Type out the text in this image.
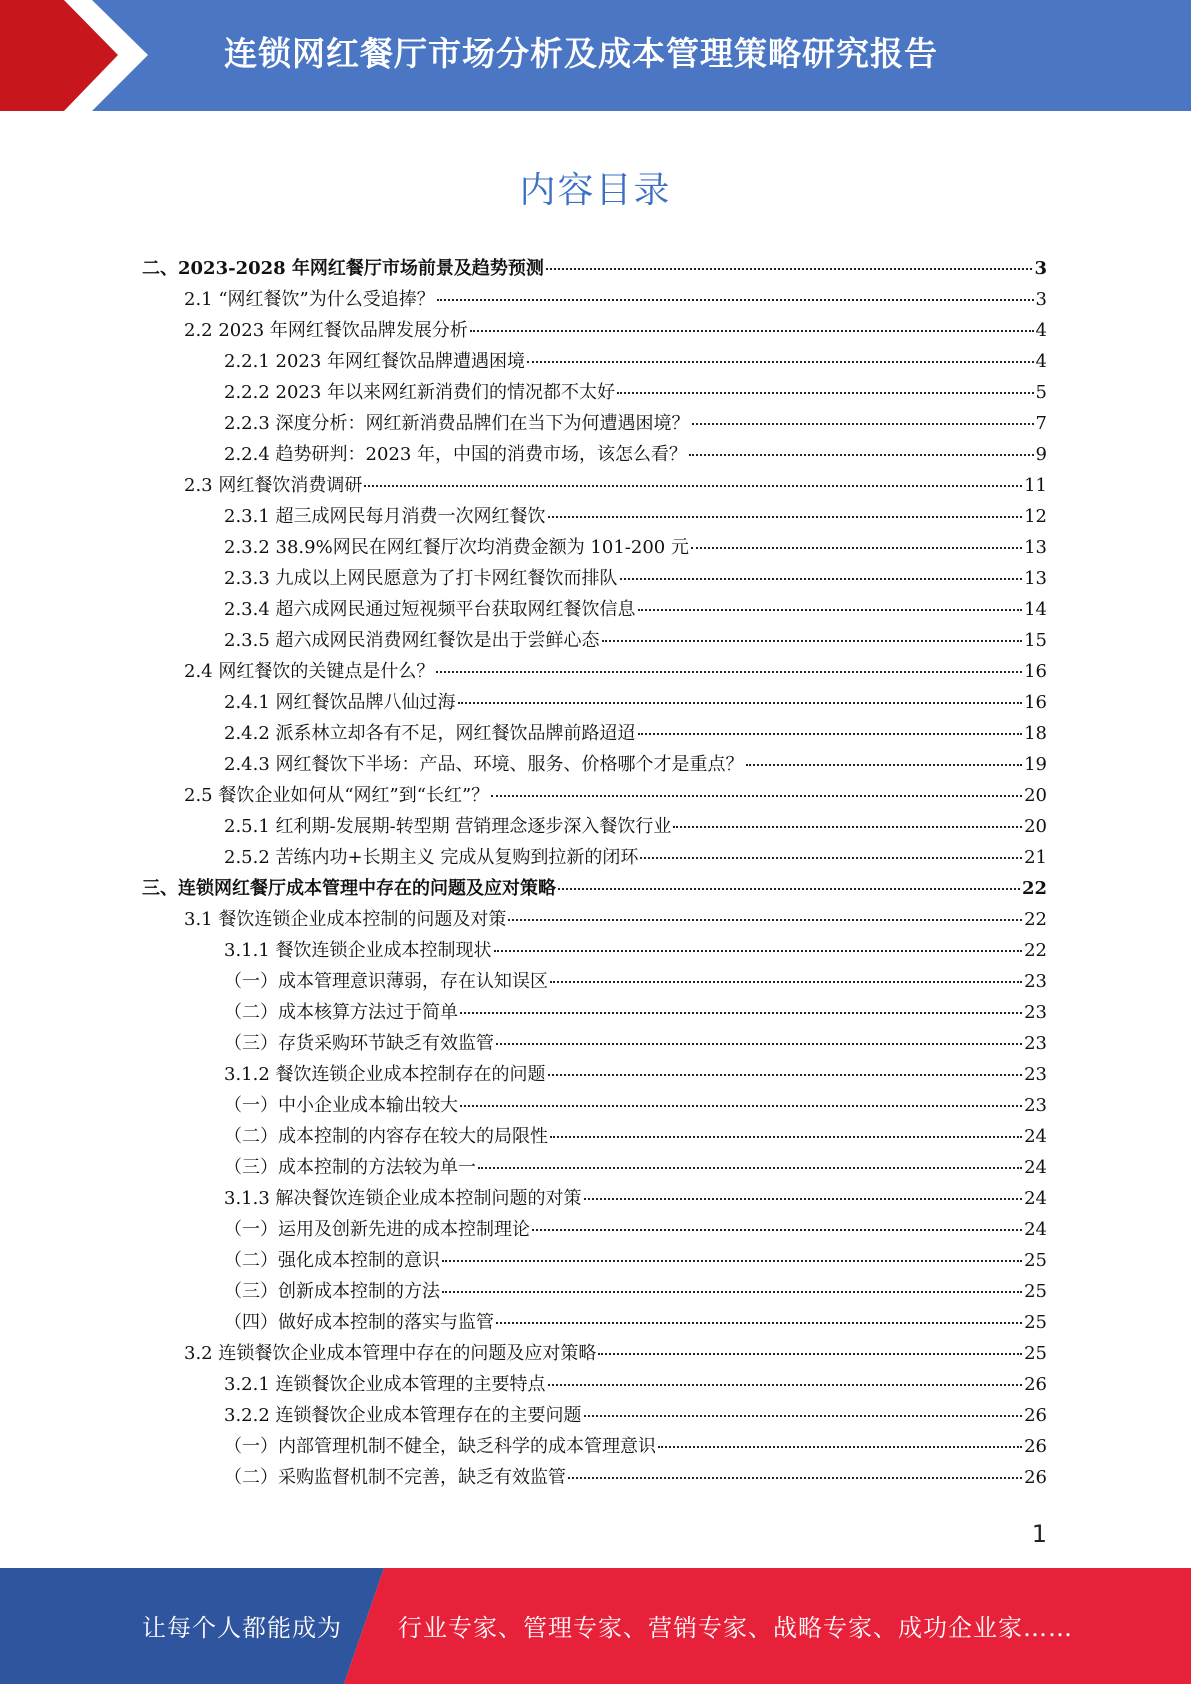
连锁网红餐厅市场分析及成本管理策略研究报告
内容目录
二、2023-2028 年网红餐厅市场前景及趋势预测	3
2.1 “网红餐饮”为什么受追捧？	3
2.2 2023 年网红餐饮品牌发展分析	4
2.2.1 2023 年网红餐饮品牌遭遇困境	4
2.2.2 2023 年以来网红新消费们的情况都不太好	5
2.2.3 深度分析：网红新消费品牌们在当下为何遭遇困境？	7
2.2.4 趋势研判：2023 年，中国的消费市场，该怎么看？	9
2.3 网红餐饮消费调研	11
2.3.1 超三成网民每月消费一次网红餐饮	12
2.3.2 38.9%网民在网红餐厅次均消费金额为 101-200 元	13
2.3.3 九成以上网民愿意为了打卡网红餐饮而排队	13
2.3.4 超六成网民通过短视频平台获取网红餐饮信息	14
2.3.5 超六成网民消费网红餐饮是出于尝鲜心态	15
2.4 网红餐饮的关键点是什么？	16
2.4.1 网红餐饮品牌八仙过海	16
2.4.2 派系林立却各有不足，网红餐饮品牌前路迢迢	18
2.4.3 网红餐饮下半场：产品、环境、服务、价格哪个才是重点？	19
2.5 餐饮企业如何从“网红”到“长红”？	20
2.5.1 红利期-发展期-转型期 营销理念逐步深入餐饮行业	20
2.5.2 苦练内功+长期主义 完成从复购到拉新的闭环	21
三、连锁网红餐厅成本管理中存在的问题及应对策略	22
3.1 餐饮连锁企业成本控制的问题及对策	22
3.1.1 餐饮连锁企业成本控制现状	22
（一）成本管理意识薄弱，存在认知误区	23
（二）成本核算方法过于简单	23
（三）存货采购环节缺乏有效监管	23
3.1.2 餐饮连锁企业成本控制存在的问题	23
（一）中小企业成本输出较大	23
（二）成本控制的内容存在较大的局限性	24
（三）成本控制的方法较为单一	24
3.1.3 解决餐饮连锁企业成本控制问题的对策	24
（一）运用及创新先进的成本控制理论	24
（二）强化成本控制的意识	25
（三）创新成本控制的方法	25
（四）做好成本控制的落实与监管	25
3.2 连锁餐饮企业成本管理中存在的问题及应对策略	25
3.2.1 连锁餐饮企业成本管理的主要特点	26
3.2.2 连锁餐饮企业成本管理存在的主要问题	26
（一）内部管理机制不健全，缺乏科学的成本管理意识	26
（二）采购监督机制不完善，缺乏有效监管	26
1
让每个人都能成为 行业专家、管理专家、营销专家、战略专家、成功企业家……
